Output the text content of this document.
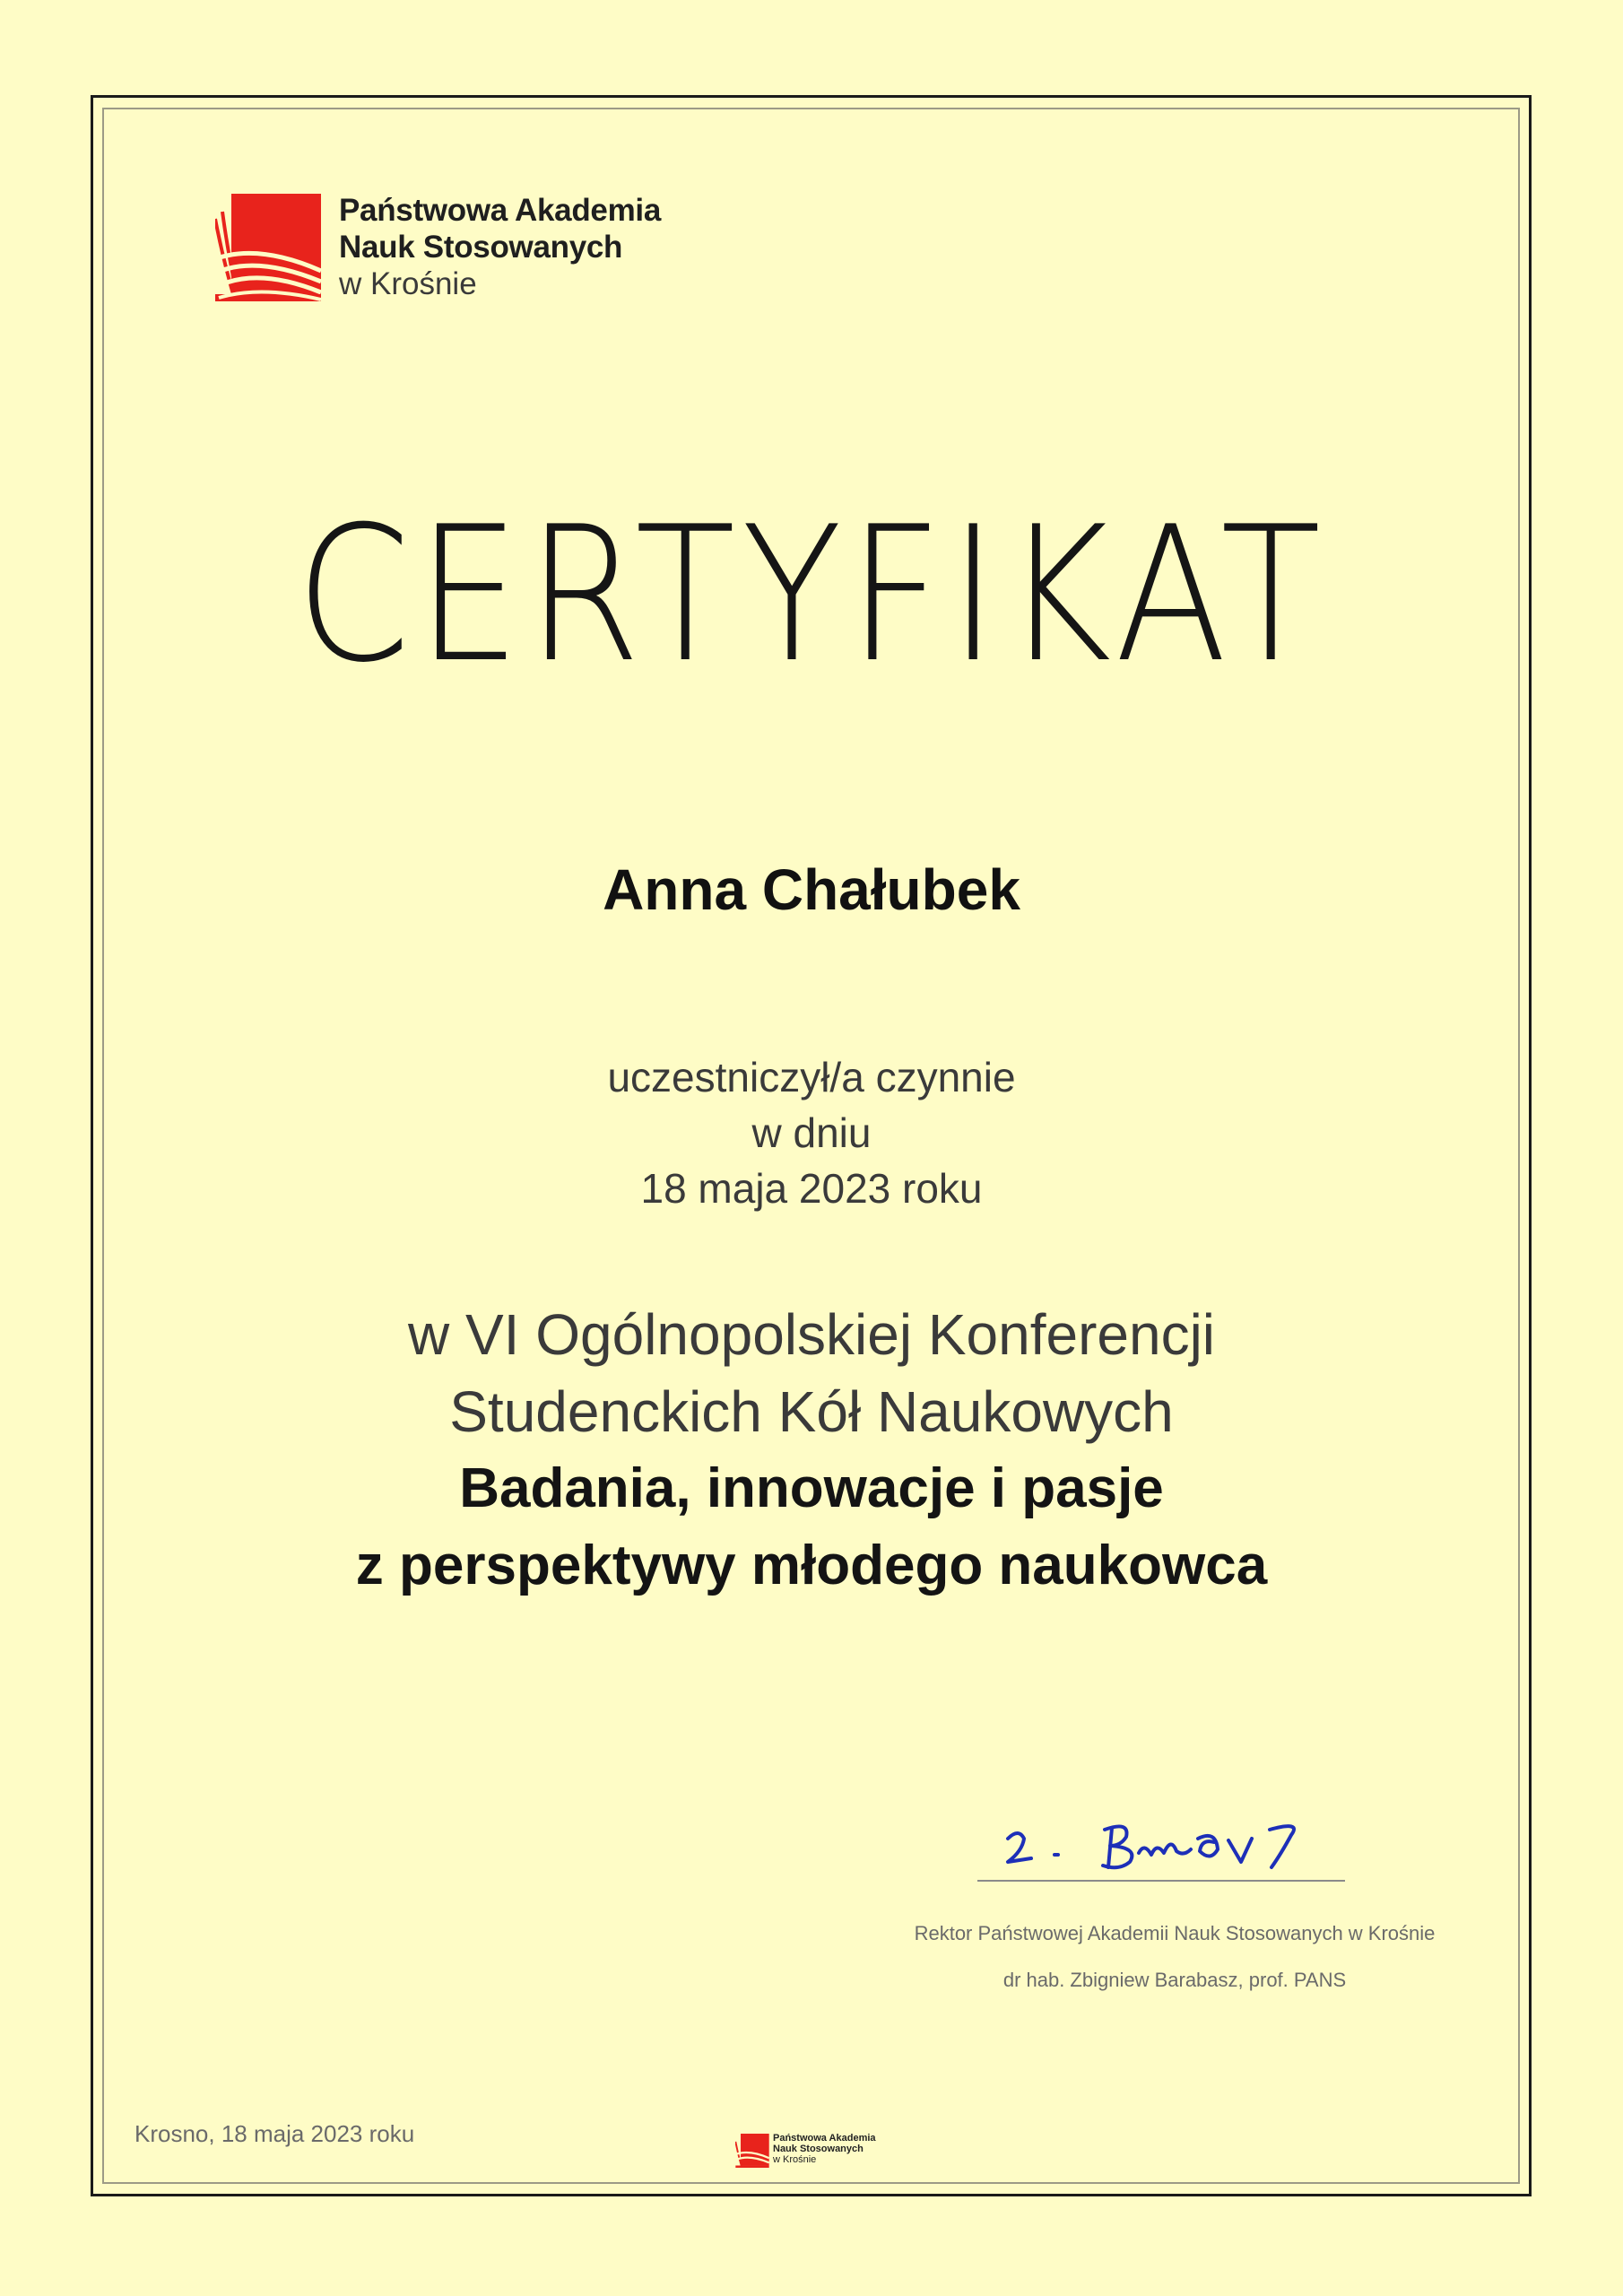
Państwowa Akademia
Nauk Stosowanych
w Krośnie
CERTYFIKAT
Anna Chałubek
uczestniczył/a czynnie
w dniu
18 maja 2023 roku
w VI Ogólnopolskiej Konferencji
Studenckich Kół Naukowych
Badania, innowacje i pasje
z perspektywy młodego naukowca
Rektor Państwowej Akademii Nauk Stosowanych w Krośnie
dr hab. Zbigniew Barabasz, prof. PANS
Krosno, 18 maja 2023 roku	Państwowa Akademia
Nauk Stosowanych
w Krośnie
